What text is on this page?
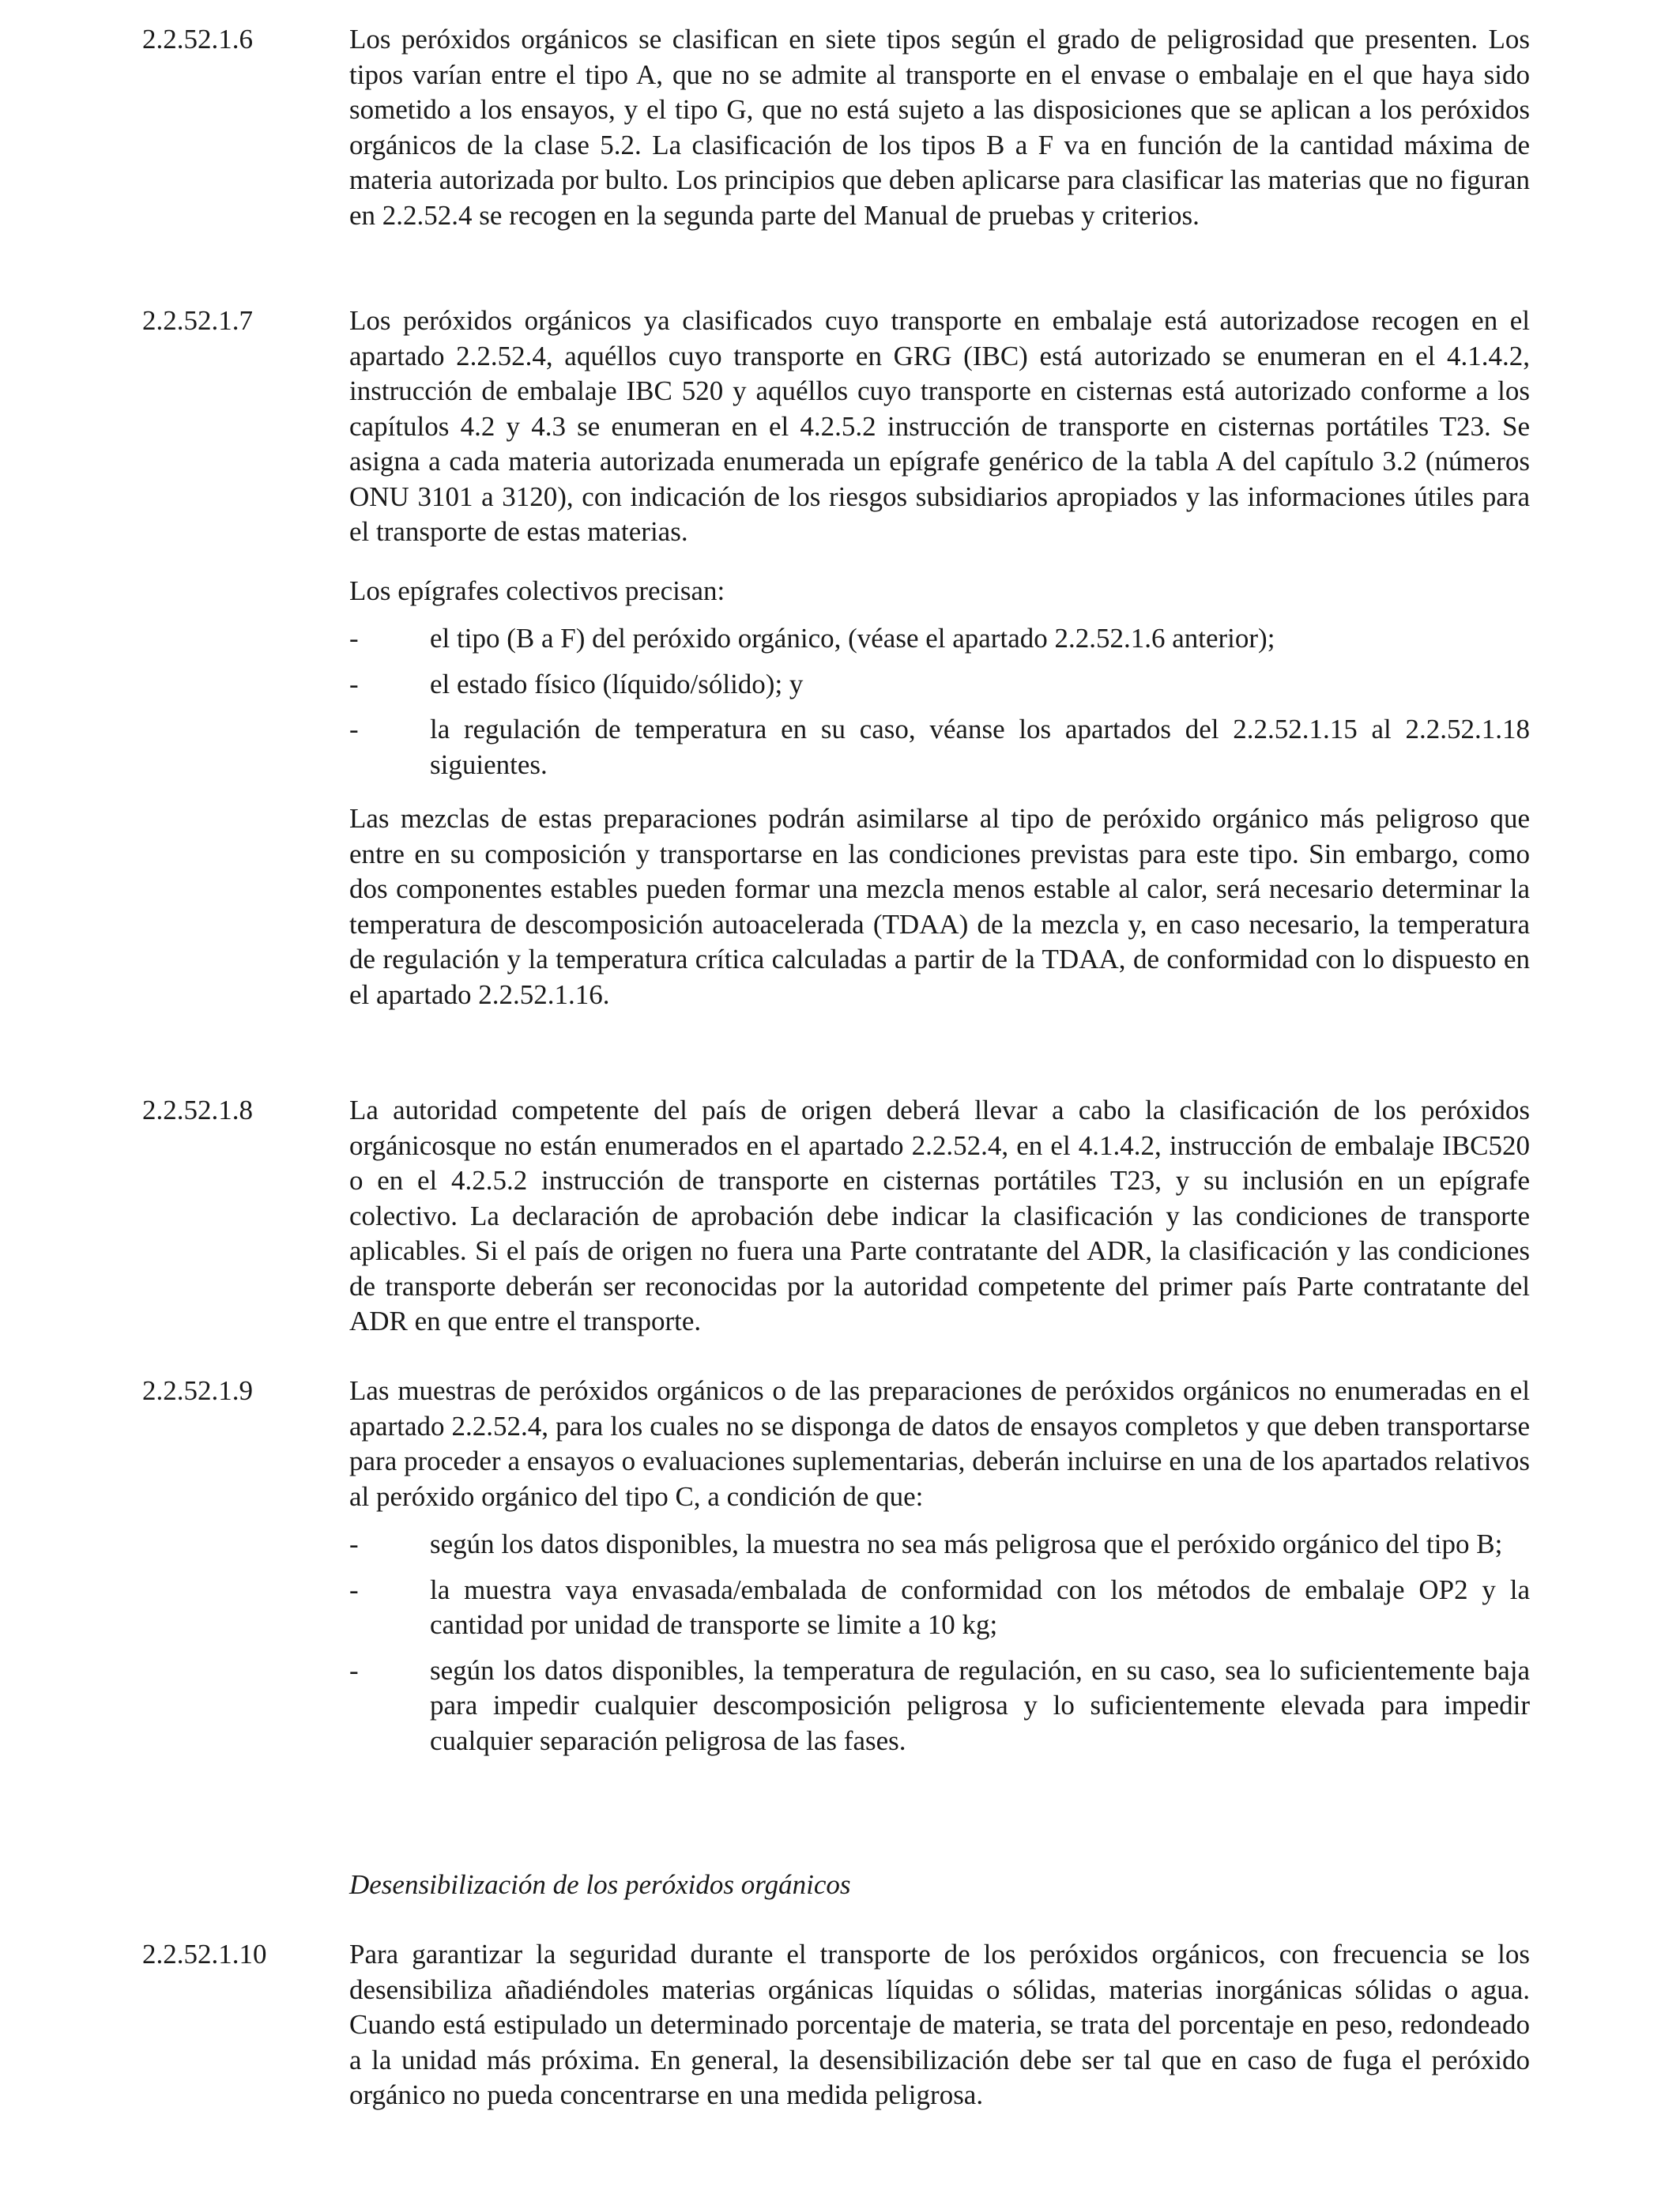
2.2.52.1.6	Los peróxidos orgánicos se clasifican en siete tipos según el grado de peligrosidad que presenten. Los tipos varían entre el tipo A, que no se admite al transporte en el envase o embalaje en el que haya sido sometido a los ensayos, y el tipo G, que no está sujeto a las disposiciones que se aplican a los peróxidos orgánicos de la clase 5.2. La clasificación de los tipos B a F va en función de la cantidad máxima de materia autorizada por bulto. Los principios que deben aplicarse para clasificar las materias que no figuran en 2.2.52.4 se recogen en la segunda parte del Manual de pruebas y criterios.

2.2.52.1.7	Los peróxidos orgánicos ya clasificados cuyo transporte en embalaje está autorizadose recogen en el apartado 2.2.52.4, aquéllos cuyo transporte en GRG (IBC) está autorizado se enumeran en el 4.1.4.2, instrucción de embalaje IBC 520 y aquéllos cuyo transporte en cisternas está autorizado conforme a los capítulos 4.2 y 4.3 se enumeran en el 4.2.5.2 instrucción de transporte en cisternas portátiles T23. Se asigna a cada materia autorizada enumerada un epígrafe genérico de la tabla A del capítulo 3.2 (números ONU 3101 a 3120), con indicación de los riesgos subsidiarios apropiados y las informaciones útiles para el transporte de estas materias.

Los epígrafes colectivos precisan:

-	el tipo (B a F) del peróxido orgánico, (véase el apartado 2.2.52.1.6 anterior);
-	el estado físico (líquido/sólido); y
-	la regulación de temperatura en su caso, véanse los apartados del 2.2.52.1.15 al 2.2.52.1.18 siguientes.

Las mezclas de estas preparaciones podrán asimilarse al tipo de peróxido orgánico más peligroso que entre en su composición y transportarse en las condiciones previstas para este tipo. Sin embargo, como dos componentes estables pueden formar una mezcla menos estable al calor, será necesario determinar la temperatura de descomposición autoacelerada (TDAA) de la mezcla y, en caso necesario, la temperatura de regulación y la temperatura crítica calculadas a partir de la TDAA, de conformidad con lo dispuesto en el apartado 2.2.52.1.16.

2.2.52.1.8	La autoridad competente del país de origen deberá llevar a cabo la clasificación de los peróxidos orgánicosque no están enumerados en el apartado 2.2.52.4, en el 4.1.4.2, instrucción de embalaje IBC520 o en el 4.2.5.2 instrucción de transporte en cisternas portátiles T23, y su inclusión en un epígrafe colectivo. La declaración de aprobación debe indicar la clasificación y las condiciones de transporte aplicables. Si el país de origen no fuera una Parte contratante del ADR, la clasificación y las condiciones de transporte deberán ser reconocidas por la autoridad competente del primer país Parte contratante del ADR en que entre el transporte.

2.2.52.1.9	Las muestras de peróxidos orgánicos o de las preparaciones de peróxidos orgánicos no enumeradas en el apartado 2.2.52.4, para los cuales no se disponga de datos de ensayos completos y que deben transportarse para proceder a ensayos o evaluaciones suplementarias, deberán incluirse en una de los apartados relativos al peróxido orgánico del tipo C, a condición de que:

-	según los datos disponibles, la muestra no sea más peligrosa que el peróxido orgánico del tipo B;
-	la muestra vaya envasada/embalada de conformidad con los métodos de embalaje OP2 y la cantidad por unidad de transporte se limite a 10 kg;
-	según los datos disponibles, la temperatura de regulación, en su caso, sea lo suficientemente baja para impedir cualquier descomposición peligrosa y lo suficientemente elevada para impedir cualquier separación peligrosa de las fases.

Desensibilización de los peróxidos orgánicos

2.2.52.1.10	Para garantizar la seguridad durante el transporte de los peróxidos orgánicos, con frecuencia se los desensibiliza añadiéndoles materias orgánicas líquidas o sólidas, materias inorgánicas sólidas o agua. Cuando está estipulado un determinado porcentaje de materia, se trata del porcentaje en peso, redondeado a la unidad más próxima. En general, la desensibilización debe ser tal que en caso de fuga el peróxido orgánico no pueda concentrarse en una medida peligrosa.
